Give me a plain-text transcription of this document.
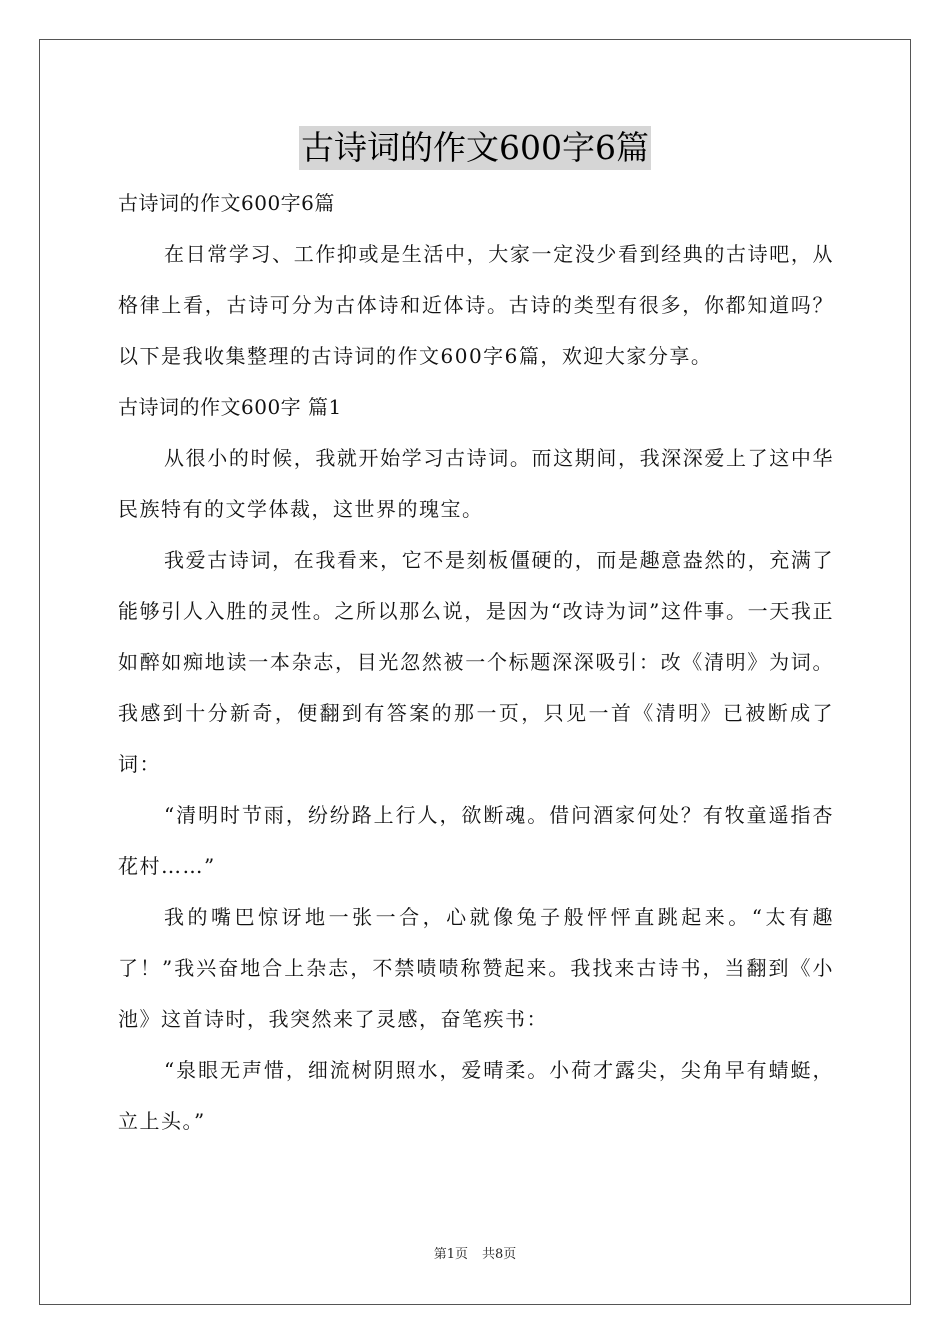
古诗词的作文600字6篇

古诗词的作文600字6篇

在日常学习、工作抑或是生活中，大家一定没少看到经典的古诗吧，从格律上看，古诗可分为古体诗和近体诗。古诗的类型有很多，你都知道吗？以下是我收集整理的古诗词的作文600字6篇，欢迎大家分享。

古诗词的作文600字 篇1

从很小的时候，我就开始学习古诗词。而这期间，我深深爱上了这中华民族特有的文学体裁，这世界的瑰宝。

我爱古诗词，在我看来，它不是刻板僵硬的，而是趣意盎然的，充满了能够引人入胜的灵性。之所以那么说，是因为“改诗为词”这件事。一天我正如醉如痴地读一本杂志，目光忽然被一个标题深深吸引：改《清明》为词。我感到十分新奇，便翻到有答案的那一页，只见一首《清明》已被断成了词：

“清明时节雨，纷纷路上行人，欲断魂。借问酒家何处？有牧童遥指杏花村……”

我的嘴巴惊讶地一张一合，心就像兔子般怦怦直跳起来。“太有趣了！”我兴奋地合上杂志，不禁啧啧称赞起来。我找来古诗书，当翻到《小池》这首诗时，我突然来了灵感，奋笔疾书：

“泉眼无声惜，细流树阴照水，爱晴柔。小荷才露尖，尖角早有蜻蜓，立上头。”

第1页 共8页
